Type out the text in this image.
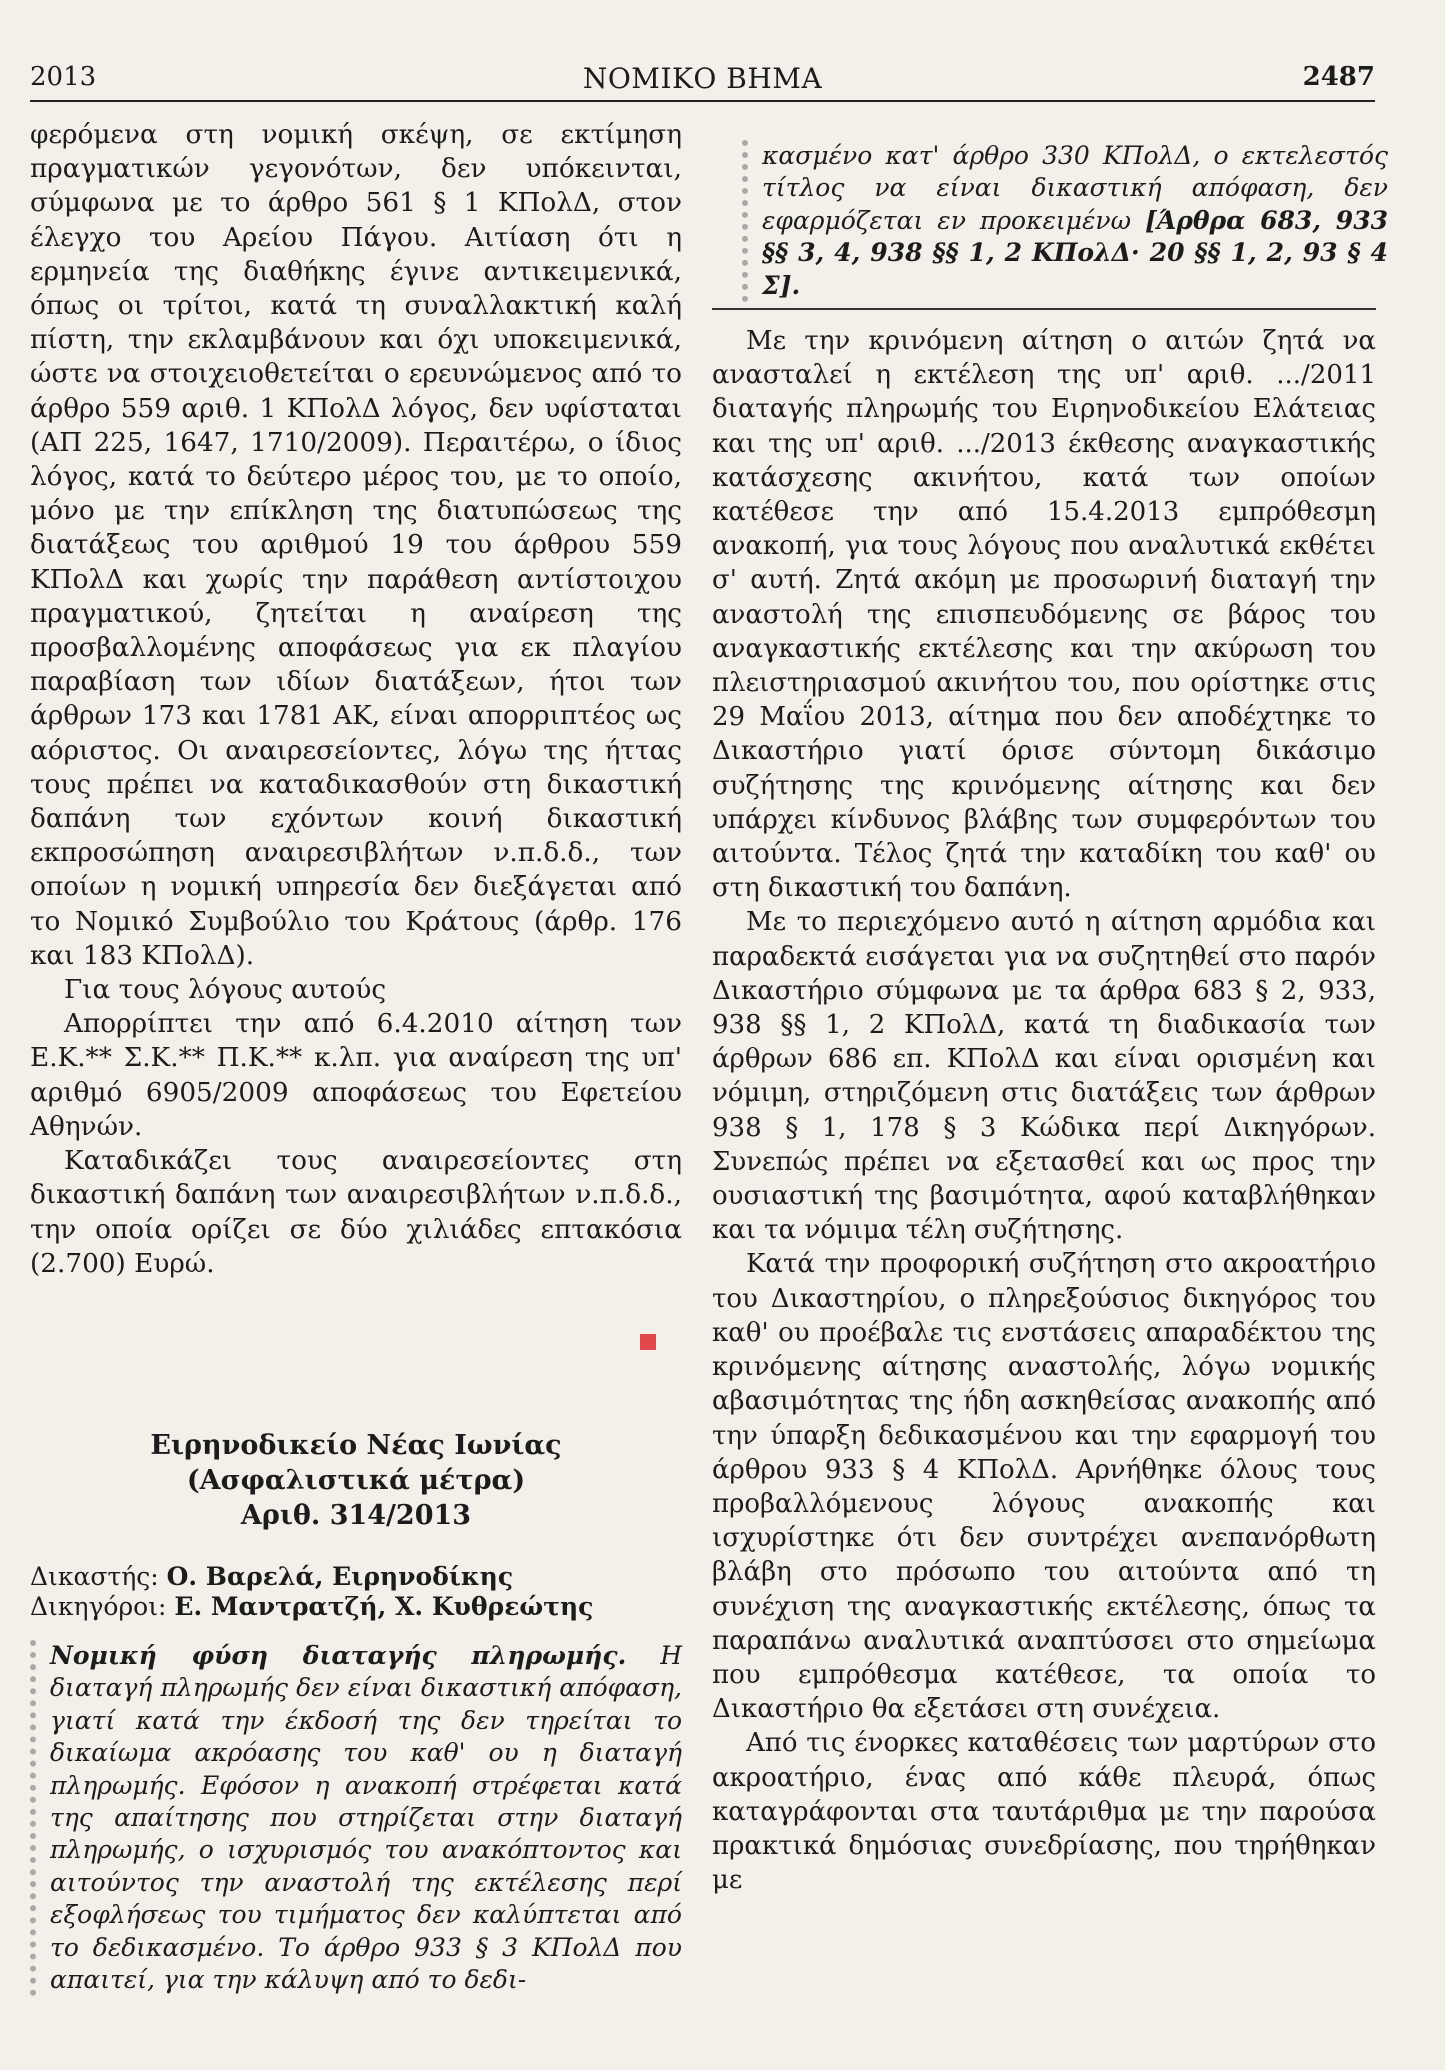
2013	ΝΟΜΙΚΟ ΒΗΜΑ	2487

φερόμενα στη νομική σκέψη, σε εκτίμηση πραγματικών γεγονότων, δεν υπόκεινται, σύμφωνα με το άρθρο 561 § 1 ΚΠολΔ, στον έλεγχο του Αρείου Πάγου. Αιτίαση ότι η ερμηνεία της διαθήκης έγινε αντικειμενικά, όπως οι τρίτοι, κατά τη συναλλακτική καλή πίστη, την εκλαμβάνουν και όχι υποκειμενικά, ώστε να στοιχειοθετείται ο ερευνώμενος από το άρθρο 559 αριθ. 1 ΚΠολΔ λόγος, δεν υφίσταται (ΑΠ 225, 1647, 1710/2009). Περαιτέρω, ο ίδιος λόγος, κατά το δεύτερο μέρος του, με το οποίο, μόνο με την επίκληση της διατυπώσεως της διατάξεως του αριθμού 19 του άρθρου 559 ΚΠολΔ και χωρίς την παράθεση αντίστοιχου πραγματικού, ζητείται η αναίρεση της προσβαλλομένης αποφάσεως για εκ πλαγίου παραβίαση των ιδίων διατάξεων, ήτοι των άρθρων 173 και 1781 ΑΚ, είναι απορριπτέος ως αόριστος. Οι αναιρεσείοντες, λόγω της ήττας τους πρέπει να καταδικασθούν στη δικαστική δαπάνη των εχόντων κοινή δικαστική εκπροσώπηση αναιρεσιβλήτων ν.π.δ.δ., των οποίων η νομική υπηρεσία δεν διεξάγεται από το Νομικό Συμβούλιο του Κράτους (άρθρ. 176 και 183 ΚΠολΔ).

Για τους λόγους αυτούς

Απορρίπτει την από 6.4.2010 αίτηση των Ε.Κ.** Σ.Κ.** Π.Κ.** κ.λπ. για αναίρεση της υπ' αριθμό 6905/2009 αποφάσεως του Εφετείου Αθηνών.

Καταδικάζει τους αναιρεσείοντες στη δικαστική δαπάνη των αναιρεσιβλήτων ν.π.δ.δ., την οποία ορίζει σε δύο χιλιάδες επτακόσια (2.700) Ευρώ.

Ειρηνοδικείο Νέας Ιωνίας
(Ασφαλιστικά μέτρα)
Αριθ. 314/2013
Δικαστής: Ο. Βαρελά, Ειρηνοδίκης
Δικηγόροι: Ε. Μαντρατζή, Χ. Κυθρεώτης
Νομική φύση διαταγής πληρωμής. Η διαταγή πληρωμής δεν είναι δικαστική απόφαση, γιατί κατά την έκδοσή της δεν τηρείται το δικαίωμα ακρόασης του καθ' ου η διαταγή πληρωμής. Εφόσον η ανακοπή στρέφεται κατά της απαίτησης που στηρίζεται στην διαταγή πληρωμής, ο ισχυρισμός του ανακόπτοντος και αιτούντος την αναστολή της εκτέλεσης περί εξοφλήσεως του τιμήματος δεν καλύπτεται από το δεδικασμένο. Το άρθρο 933 § 3 ΚΠολΔ που απαιτεί, για την κάλυψη από το δεδι-
κασμένο κατ' άρθρο 330 ΚΠολΔ, ο εκτελεστός τίτλος να είναι δικαστική απόφαση, δεν εφαρμόζεται εν προκειμένω [Άρθρα 683, 933 §§ 3, 4, 938 §§ 1, 2 ΚΠολΔ· 20 §§ 1, 2, 93 § 4 Σ].

Με την κρινόμενη αίτηση ο αιτών ζητά να ανασταλεί η εκτέλεση της υπ' αριθ. .../2011 διαταγής πληρωμής του Ειρηνοδικείου Ελάτειας και της υπ' αριθ. .../2013 έκθεσης αναγκαστικής κατάσχεσης ακινήτου, κατά των οποίων κατέθεσε την από 15.4.2013 εμπρόθεσμη ανακοπή, για τους λόγους που αναλυτικά εκθέτει σ' αυτή. Ζητά ακόμη με προσωρινή διαταγή την αναστολή της επισπευδόμενης σε βάρος του αναγκαστικής εκτέλεσης και την ακύρωση του πλειστηριασμού ακινήτου του, που ορίστηκε στις 29 Μαΐου 2013, αίτημα που δεν αποδέχτηκε το Δικαστήριο γιατί όρισε σύντομη δικάσιμο συζήτησης της κρινόμενης αίτησης και δεν υπάρχει κίνδυνος βλάβης των συμφερόντων του αιτούντα. Τέλος ζητά την καταδίκη του καθ' ου στη δικαστική του δαπάνη.

Με το περιεχόμενο αυτό η αίτηση αρμόδια και παραδεκτά εισάγεται για να συζητηθεί στο παρόν Δικαστήριο σύμφωνα με τα άρθρα 683 § 2, 933, 938 §§ 1, 2 ΚΠολΔ, κατά τη διαδικασία των άρθρων 686 επ. ΚΠολΔ και είναι ορισμένη και νόμιμη, στηριζόμενη στις διατάξεις των άρθρων 938 § 1, 178 § 3 Κώδικα περί Δικηγόρων. Συνεπώς πρέπει να εξετασθεί και ως προς την ουσιαστική της βασιμότητα, αφού καταβλήθηκαν και τα νόμιμα τέλη συζήτησης.

Κατά την προφορική συζήτηση στο ακροατήριο του Δικαστηρίου, ο πληρεξούσιος δικηγόρος του καθ' ου προέβαλε τις ενστάσεις απαραδέκτου της κρινόμενης αίτησης αναστολής, λόγω νομικής αβασιμότητας της ήδη ασκηθείσας ανακοπής από την ύπαρξη δεδικασμένου και την εφαρμογή του άρθρου 933 § 4 ΚΠολΔ. Αρνήθηκε όλους τους προβαλλόμενους λόγους ανακοπής και ισχυρίστηκε ότι δεν συντρέχει ανεπανόρθωτη βλάβη στο πρόσωπο του αιτούντα από τη συνέχιση της αναγκαστικής εκτέλεσης, όπως τα παραπάνω αναλυτικά αναπτύσσει στο σημείωμα που εμπρόθεσμα κατέθεσε, τα οποία το Δικαστήριο θα εξετάσει στη συνέχεια.

Από τις ένορκες καταθέσεις των μαρτύρων στο ακροατήριο, ένας από κάθε πλευρά, όπως καταγράφονται στα ταυτάριθμα με την παρούσα πρακτικά δημόσιας συνεδρίασης, που τηρήθηκαν με
